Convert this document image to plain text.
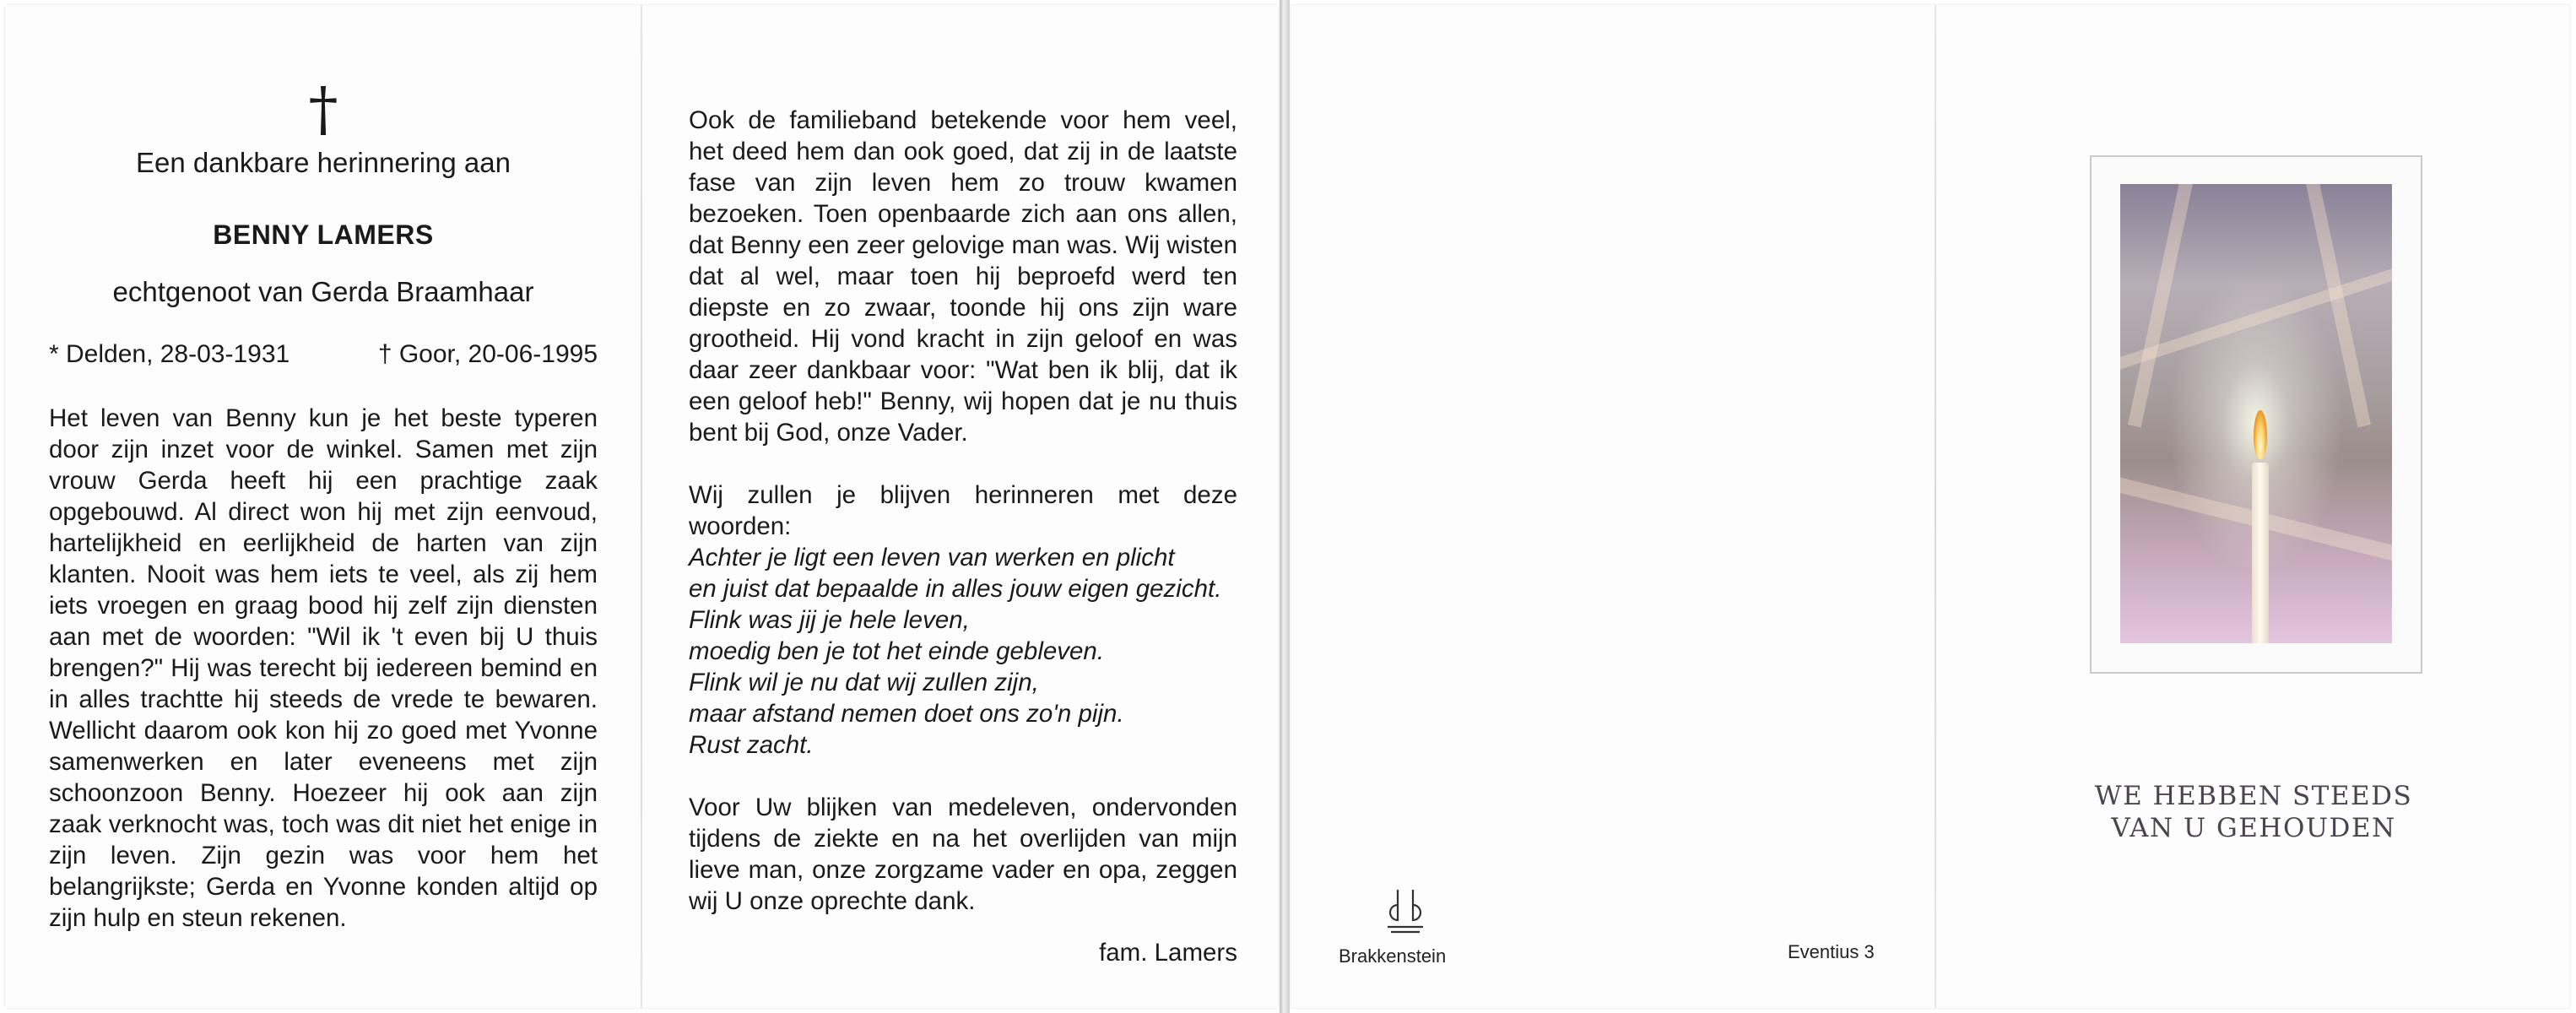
†
Een dankbare herinnering aan
BENNY LAMERS
echtgenoot van Gerda Braamhaar
* Delden, 28-03-1931	† Goor, 20-06-1995

Het leven van Benny kun je het beste typeren door zijn inzet voor de winkel. Samen met zijn vrouw Gerda heeft hij een prachtige zaak opgebouwd. Al direct won hij met zijn eenvoud, hartelijkheid en eerlijkheid de harten van zijn klanten. Nooit was hem iets te veel, als zij hem iets vroegen en graag bood hij zelf zijn diensten aan met de woorden: "Wil ik 't even bij U thuis brengen?" Hij was terecht bij iedereen bemind en in alles trachtte hij steeds de vrede te bewaren. Wellicht daarom ook kon hij zo goed met Yvonne samenwerken en later eveneens met zijn schoonzoon Benny. Hoezeer hij ook aan zijn zaak verknocht was, toch was dit niet het enige in zijn leven. Zijn gezin was voor hem het belangrijkste; Gerda en Yvonne konden altijd op zijn hulp en steun rekenen.

Ook de familieband betekende voor hem veel, het deed hem dan ook goed, dat zij in de laatste fase van zijn leven hem zo trouw kwamen bezoeken. Toen openbaarde zich aan ons allen, dat Benny een zeer gelovige man was. Wij wisten dat al wel, maar toen hij beproefd werd ten diepste en zo zwaar, toonde hij ons zijn ware grootheid. Hij vond kracht in zijn geloof en was daar zeer dankbaar voor: "Wat ben ik blij, dat ik een geloof heb!" Benny, wij hopen dat je nu thuis bent bij God, onze Vader.

Wij zullen je blijven herinneren met deze woorden:

Achter je ligt een leven van werken en plicht
en juist dat bepaalde in alles jouw eigen gezicht.
Flink was jij je hele leven,
moedig ben je tot het einde gebleven.
Flink wil je nu dat wij zullen zijn,
maar afstand nemen doet ons zo'n pijn.
Rust zacht.

Voor Uw blijken van medeleven, ondervonden tijdens de ziekte en na het overlijden van mijn lieve man, onze zorgzame vader en opa, zeggen wij U onze oprechte dank.

fam. Lamers	Brakkenstein	Eventius 3
WE HEBBEN STEEDS
VAN U GEHOUDEN
